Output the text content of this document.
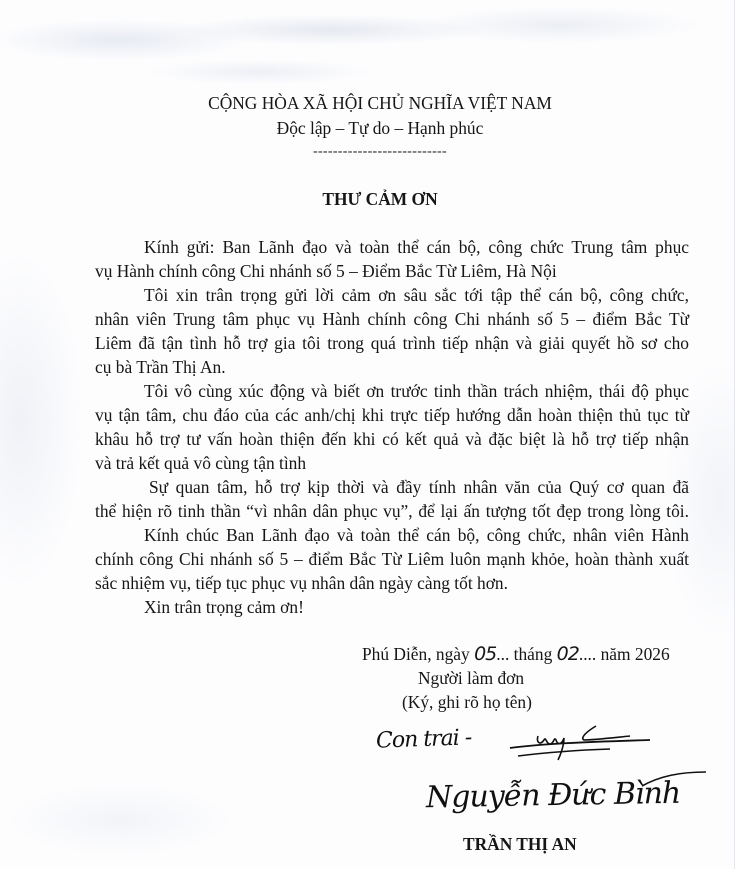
CỘNG HÒA XÃ HỘI CHỦ NGHĨA VIỆT NAM
Độc lập – Tự do – Hạnh phúc
---------------------------
THƯ CẢM ƠN
Kính gửi: Ban Lãnh đạo và toàn thể cán bộ, công chức Trung tâm phục
vụ Hành chính công Chi nhánh số 5 – Điểm Bắc Từ Liêm, Hà Nội
Tôi xin trân trọng gửi lời cảm ơn sâu sắc tới tập thể cán bộ, công chức,
nhân viên Trung tâm phục vụ Hành chính công Chi nhánh số 5 – điểm Bắc Từ
Liêm đã tận tình hỗ trợ gia tôi trong quá trình tiếp nhận và giải quyết hồ sơ cho
cụ bà Trần Thị An.
Tôi vô cùng xúc động và biết ơn trước tinh thần trách nhiệm, thái độ phục
vụ tận tâm, chu đáo của các anh/chị khi trực tiếp hướng dẫn hoàn thiện thủ tục từ
khâu hỗ trợ tư vấn hoàn thiện đến khi có kết quả và đặc biệt là hỗ trợ tiếp nhận
và trả kết quả vô cùng tận tình
Sự quan tâm, hỗ trợ kịp thời và đầy tính nhân văn của Quý cơ quan đã
thể hiện rõ tinh thần “vì nhân dân phục vụ”, để lại ấn tượng tốt đẹp trong lòng tôi.
Kính chúc Ban Lãnh đạo và toàn thể cán bộ, công chức, nhân viên Hành
chính công Chi nhánh số 5 – điểm Bắc Từ Liêm luôn mạnh khỏe, hoàn thành xuất
sắc nhiệm vụ, tiếp tục phục vụ nhân dân ngày càng tốt hơn.
Xin trân trọng cảm ơn!
Phú Diễn, ngày 05... tháng 02.... năm 2026
Người làm đơn
(Ký, ghi rõ họ tên)
Con trai -
Nguyễn Đức Bình
TRẦN THỊ AN
